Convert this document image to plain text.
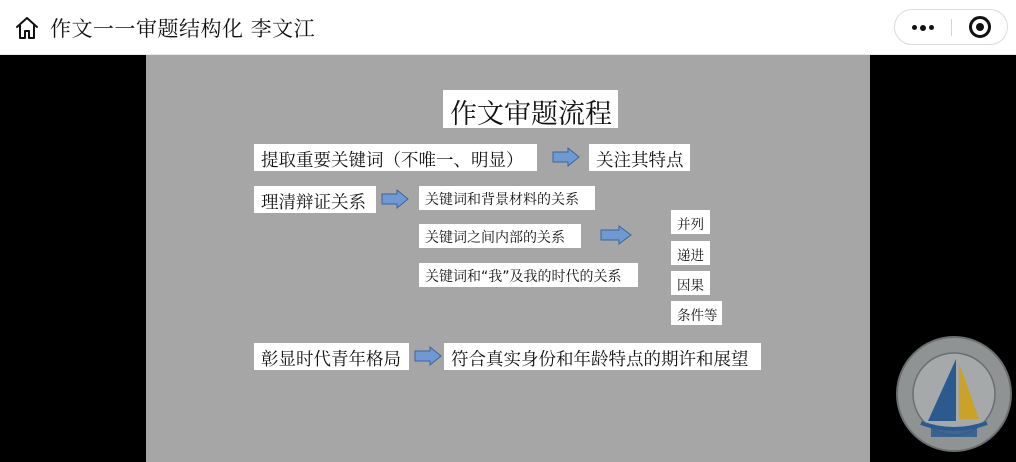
作文一一审题结构化 李文江
作文审题流程
提取重要关键词（不唯一、明显）	关注其特点
理清辩证关系	关键词和背景材料的关系
关键词之间内部的关系
关键词和“我”及我的时代的关系
并列
递进
因果
条件等
彰显时代青年格局	符合真实身份和年龄特点的期许和展望
